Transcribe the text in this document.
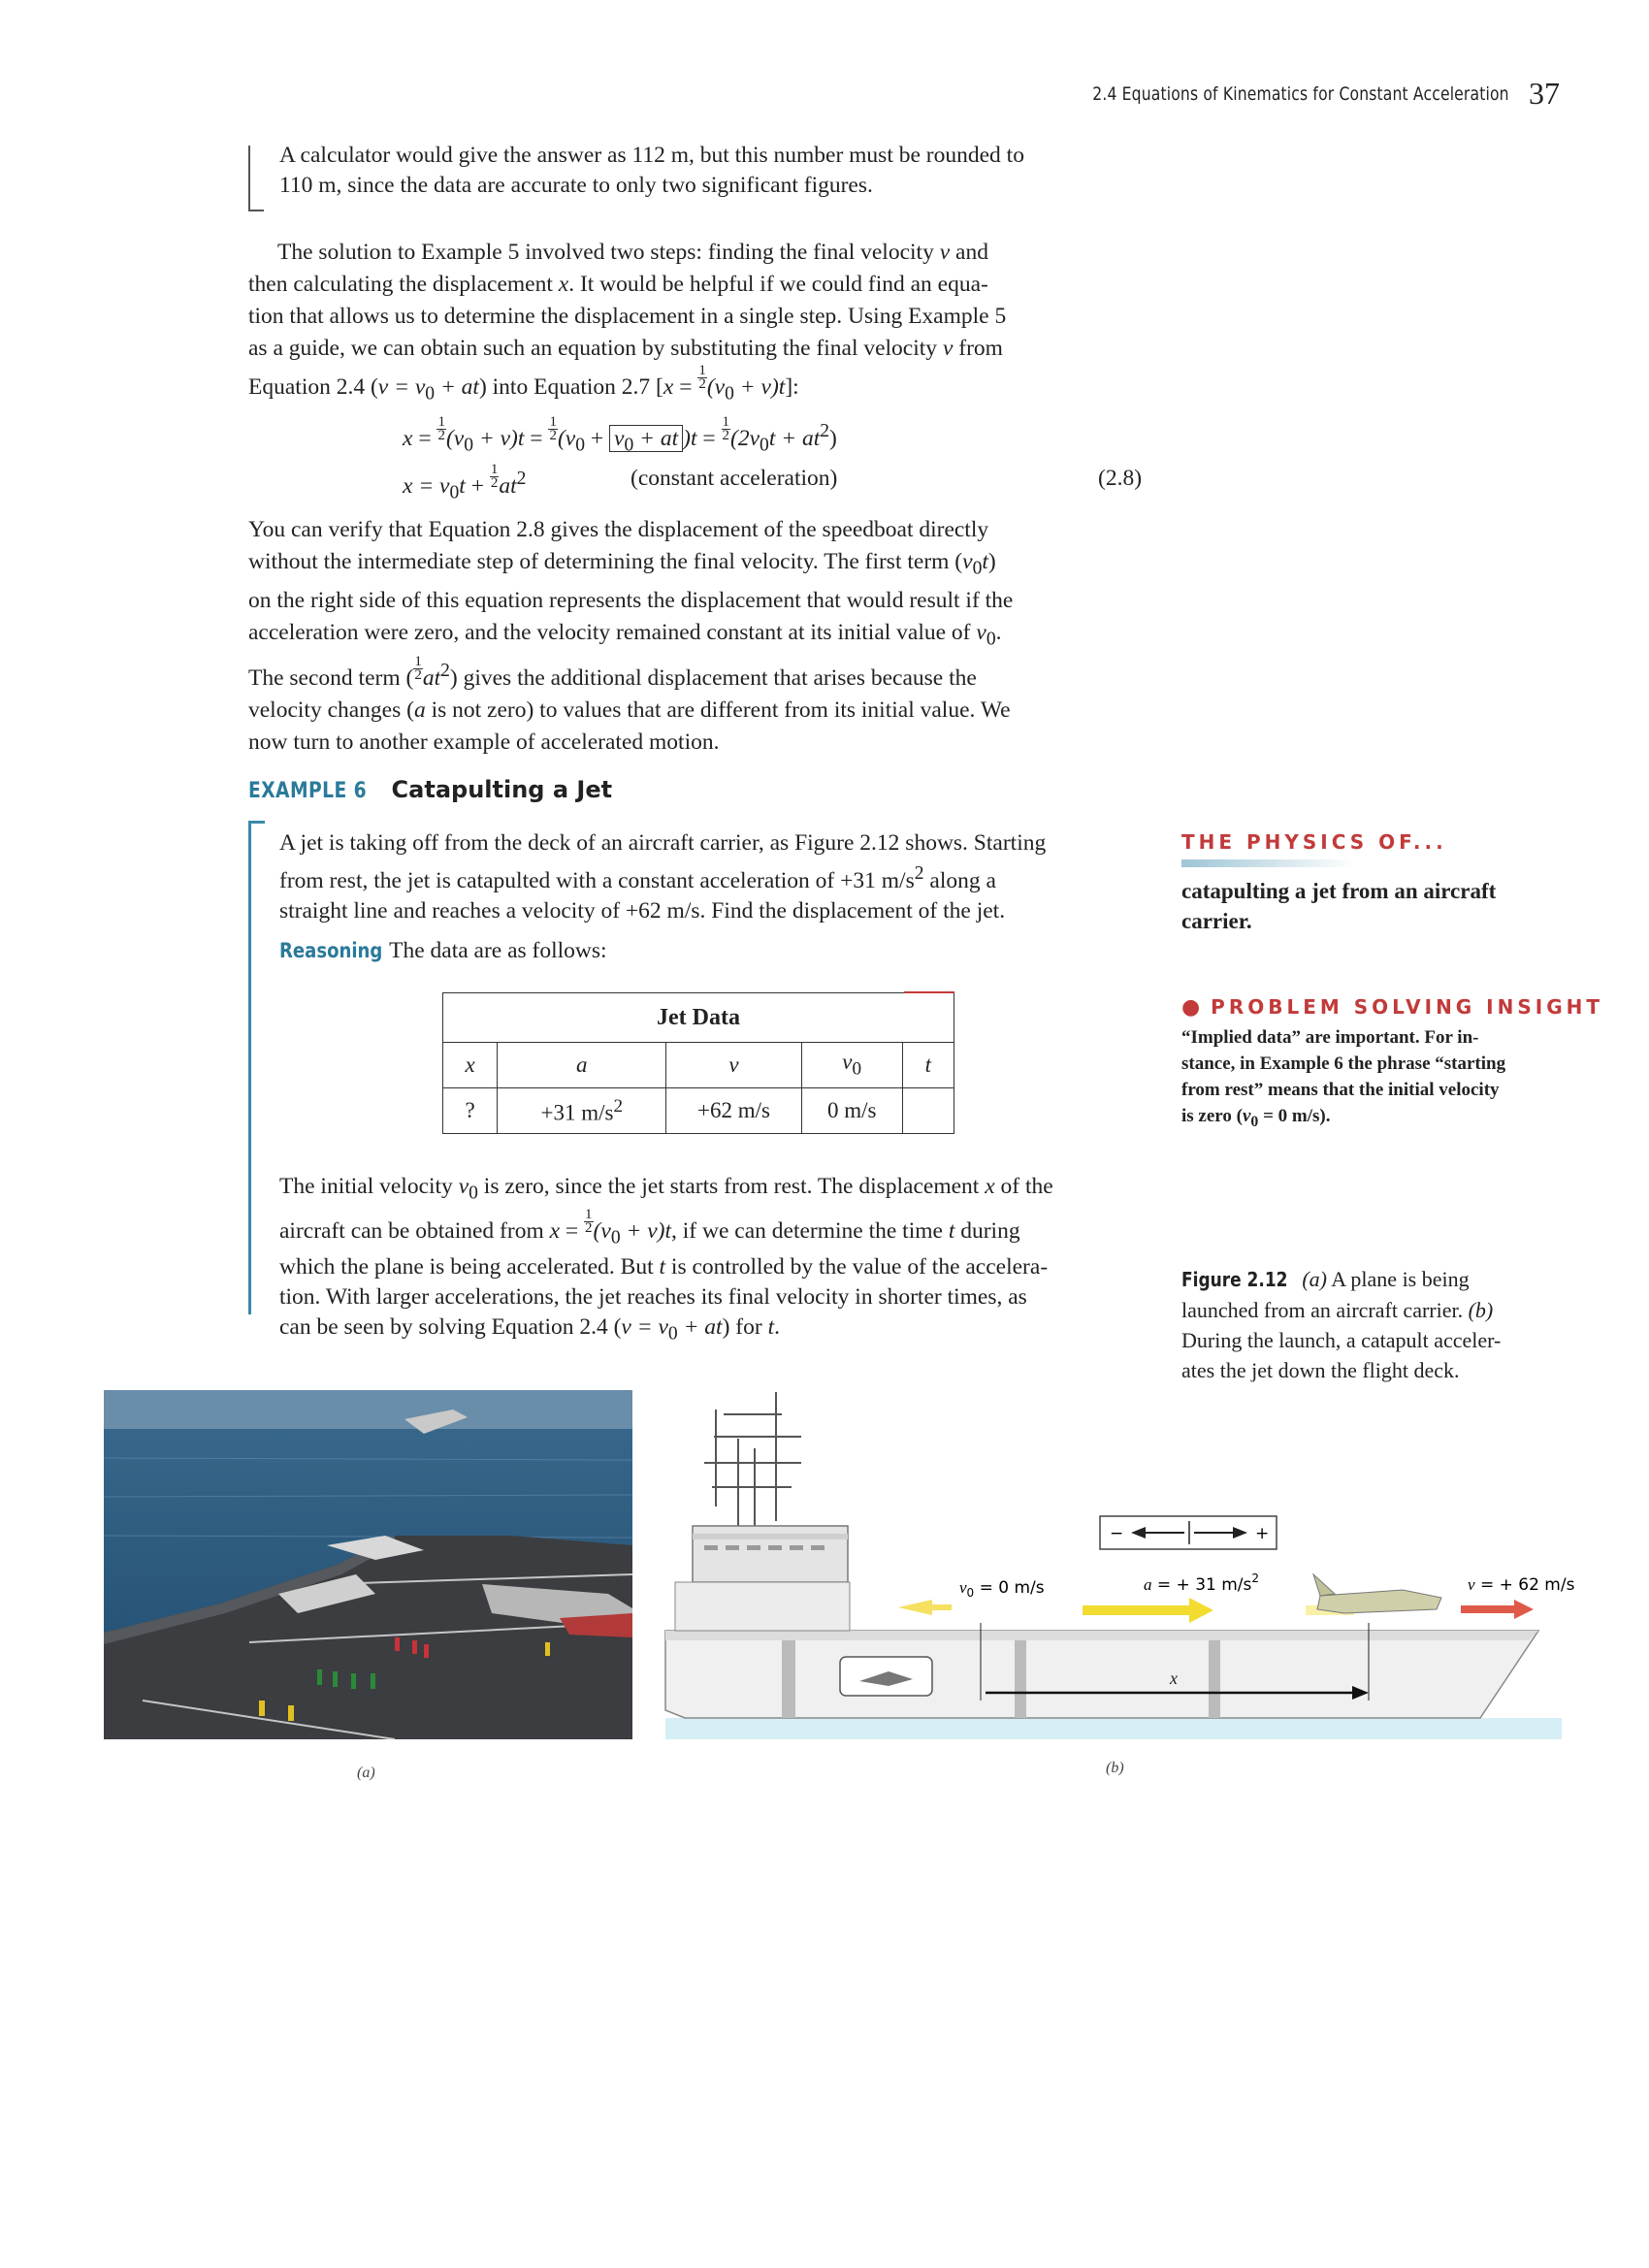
2.4 Equations of Kinematics for Constant Acceleration 37
A calculator would give the answer as 112 m, but this number must be rounded to
110 m, since the data are accurate to only two significant figures.
The solution to Example 5 involved two steps: finding the final velocity v and
then calculating the displacement x. It would be helpful if we could find an equa-
tion that allows us to determine the displacement in a single step. Using Example 5
as a guide, we can obtain such an equation by substituting the final velocity v from
Equation 2.4 $(v = v_0 + at)$ into Equation 2.7 $[x = \frac{1}{2} (v_0 + v)t]$:
$x = \frac{1}{2} (v_0 + v)t = \frac{1}{2} (v_0 + v_0$ + at )$t = \frac{1}{2} (2v_0t + at^2)$
$x = v_0t + \frac{1}{2} at^2$	(constant acceleration)	(2.8)
You can verify that Equation 2.8 gives the displacement of the speedboat directly
without the intermediate step of determining the final velocity. The first term $(v_0t)$
on the right side of this equation represents the displacement that would result if the
acceleration were zero, and the velocity remained constant at its initial value of $v_0$.
The second term ( $\frac{1}{2} at^2$) gives the additional displacement that arises because the
velocity changes (a is not zero) to values that are different from its initial value. We
now turn to another example of accelerated motion.
EXAMPLE 6 Catapulting a Jet
A jet is taking off from the deck of an aircraft carrier, as Figure 2.12 shows. Starting
from rest, the jet is catapulted with a constant acceleration of +31 $m/s^2$ along a
straight line and reaches a velocity of +62 m/s. Find the displacement of the jet.
Reasoning The data are as follows:
Jet Data				
x	a	v	$v_0$	t
?	+31 $m/s^2$	+62 m/s	0 m/s	
The initial velocity $v_0$ is zero, since the jet starts from rest. The displacement x of the
aircraft can be obtained from $x = \frac{1}{2} (v_0 + v)t$, if we can determine the time t during
which the plane is being accelerated. But t is controlled by the value of the accelera-
tion. With larger accelerations, the jet reaches its final velocity in shorter times, as
can be seen by solving Equation 2.4 $(v = v_0 + at)$ for t.
THE PHYSICS OF...
catapulting a jet from an aircraft
carrier.
● PROBLEM SOLVING INSIGHT
“Implied data” are important. For in-
stance, in Example 6 the phrase “starting
from rest” means that the initial velocity
is zero ($v_0 = 0$ m/s).
Figure 2.12 (a) A plane is being
launched from an aircraft carrier. (b)
During the launch, a catapult acceler-
ates the jet down the flight deck.
(a)
−	+
$v_0 = 0$ m/s	a = + 31 $m/s^2$	v = + 62 m/s
x
(b)
